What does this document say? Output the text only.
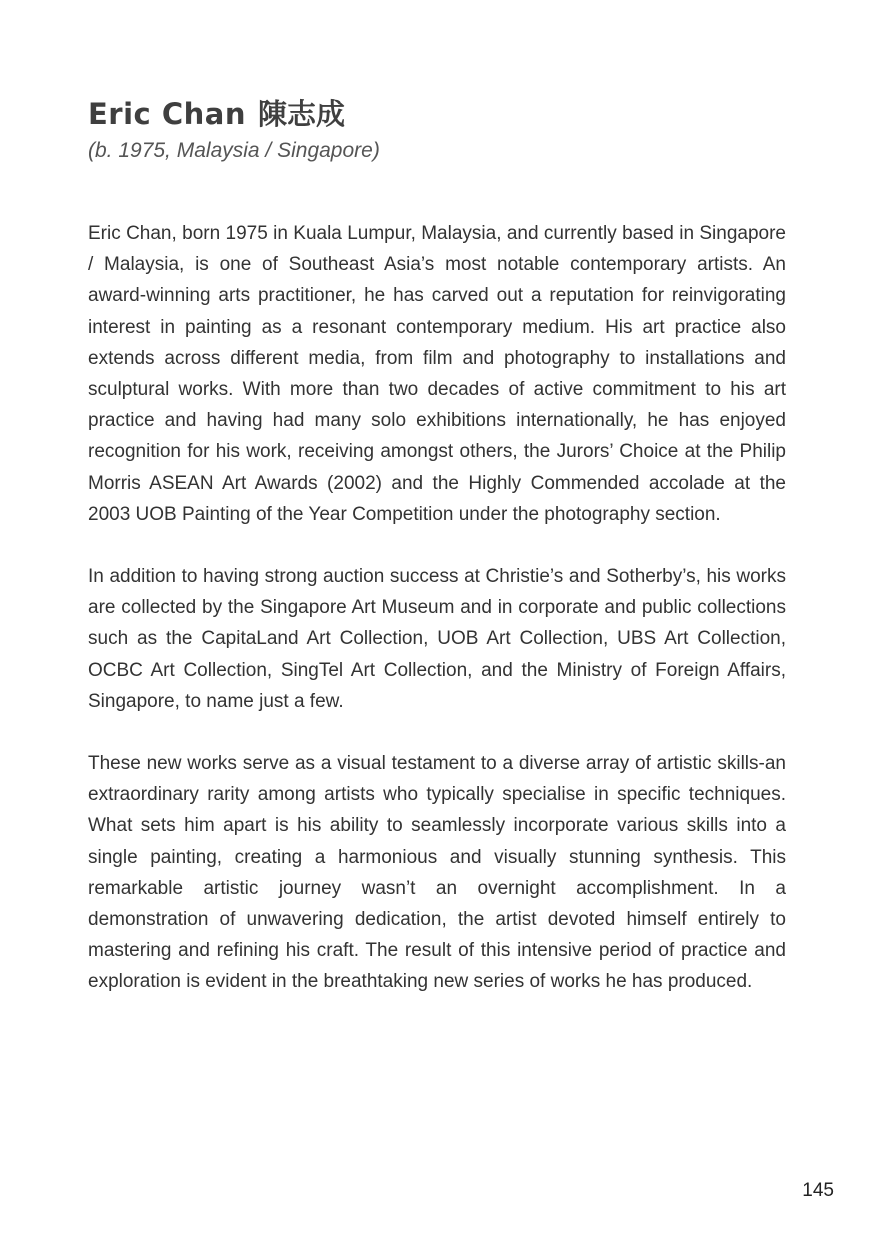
Eric Chan 陳志成
(b. 1975, Malaysia / Singapore)

Eric Chan, born 1975 in Kuala Lumpur, Malaysia, and currently based in Singapore / Malaysia, is one of Southeast Asia’s most notable contemporary artists. An award-winning arts practitioner, he has carved out a reputation for reinvigorating interest in painting as a resonant contemporary medium. His art practice also extends across different media, from film and photography to installations and sculptural works. With more than two decades of active commitment to his art practice and having had many solo exhibitions internationally, he has enjoyed recognition for his work, receiving amongst others, the Jurors’ Choice at the Philip Morris ASEAN Art Awards (2002) and the Highly Commended accolade at the 2003 UOB Painting of the Year Competition under the photography section.

In addition to having strong auction success at Christie’s and Sotherby’s, his works are collected by the Singapore Art Museum and in corporate and public collections such as the CapitaLand Art Collection, UOB Art Collection, UBS Art Collection, OCBC Art Collection, SingTel Art Collection, and the Ministry of Foreign Affairs, Singapore, to name just a few.

These new works serve as a visual testament to a diverse array of artistic skills-an extraordinary rarity among artists who typically specialise in specific techniques. What sets him apart is his ability to seamlessly incorporate various skills into a single painting, creating a harmonious and visually stunning synthesis. This remarkable artistic journey wasn’t an overnight accomplishment. In a demonstration of unwavering dedication, the artist devoted himself entirely to mastering and refining his craft. The result of this intensive period of practice and exploration is evident in the breathtaking new series of works he has produced.

145
